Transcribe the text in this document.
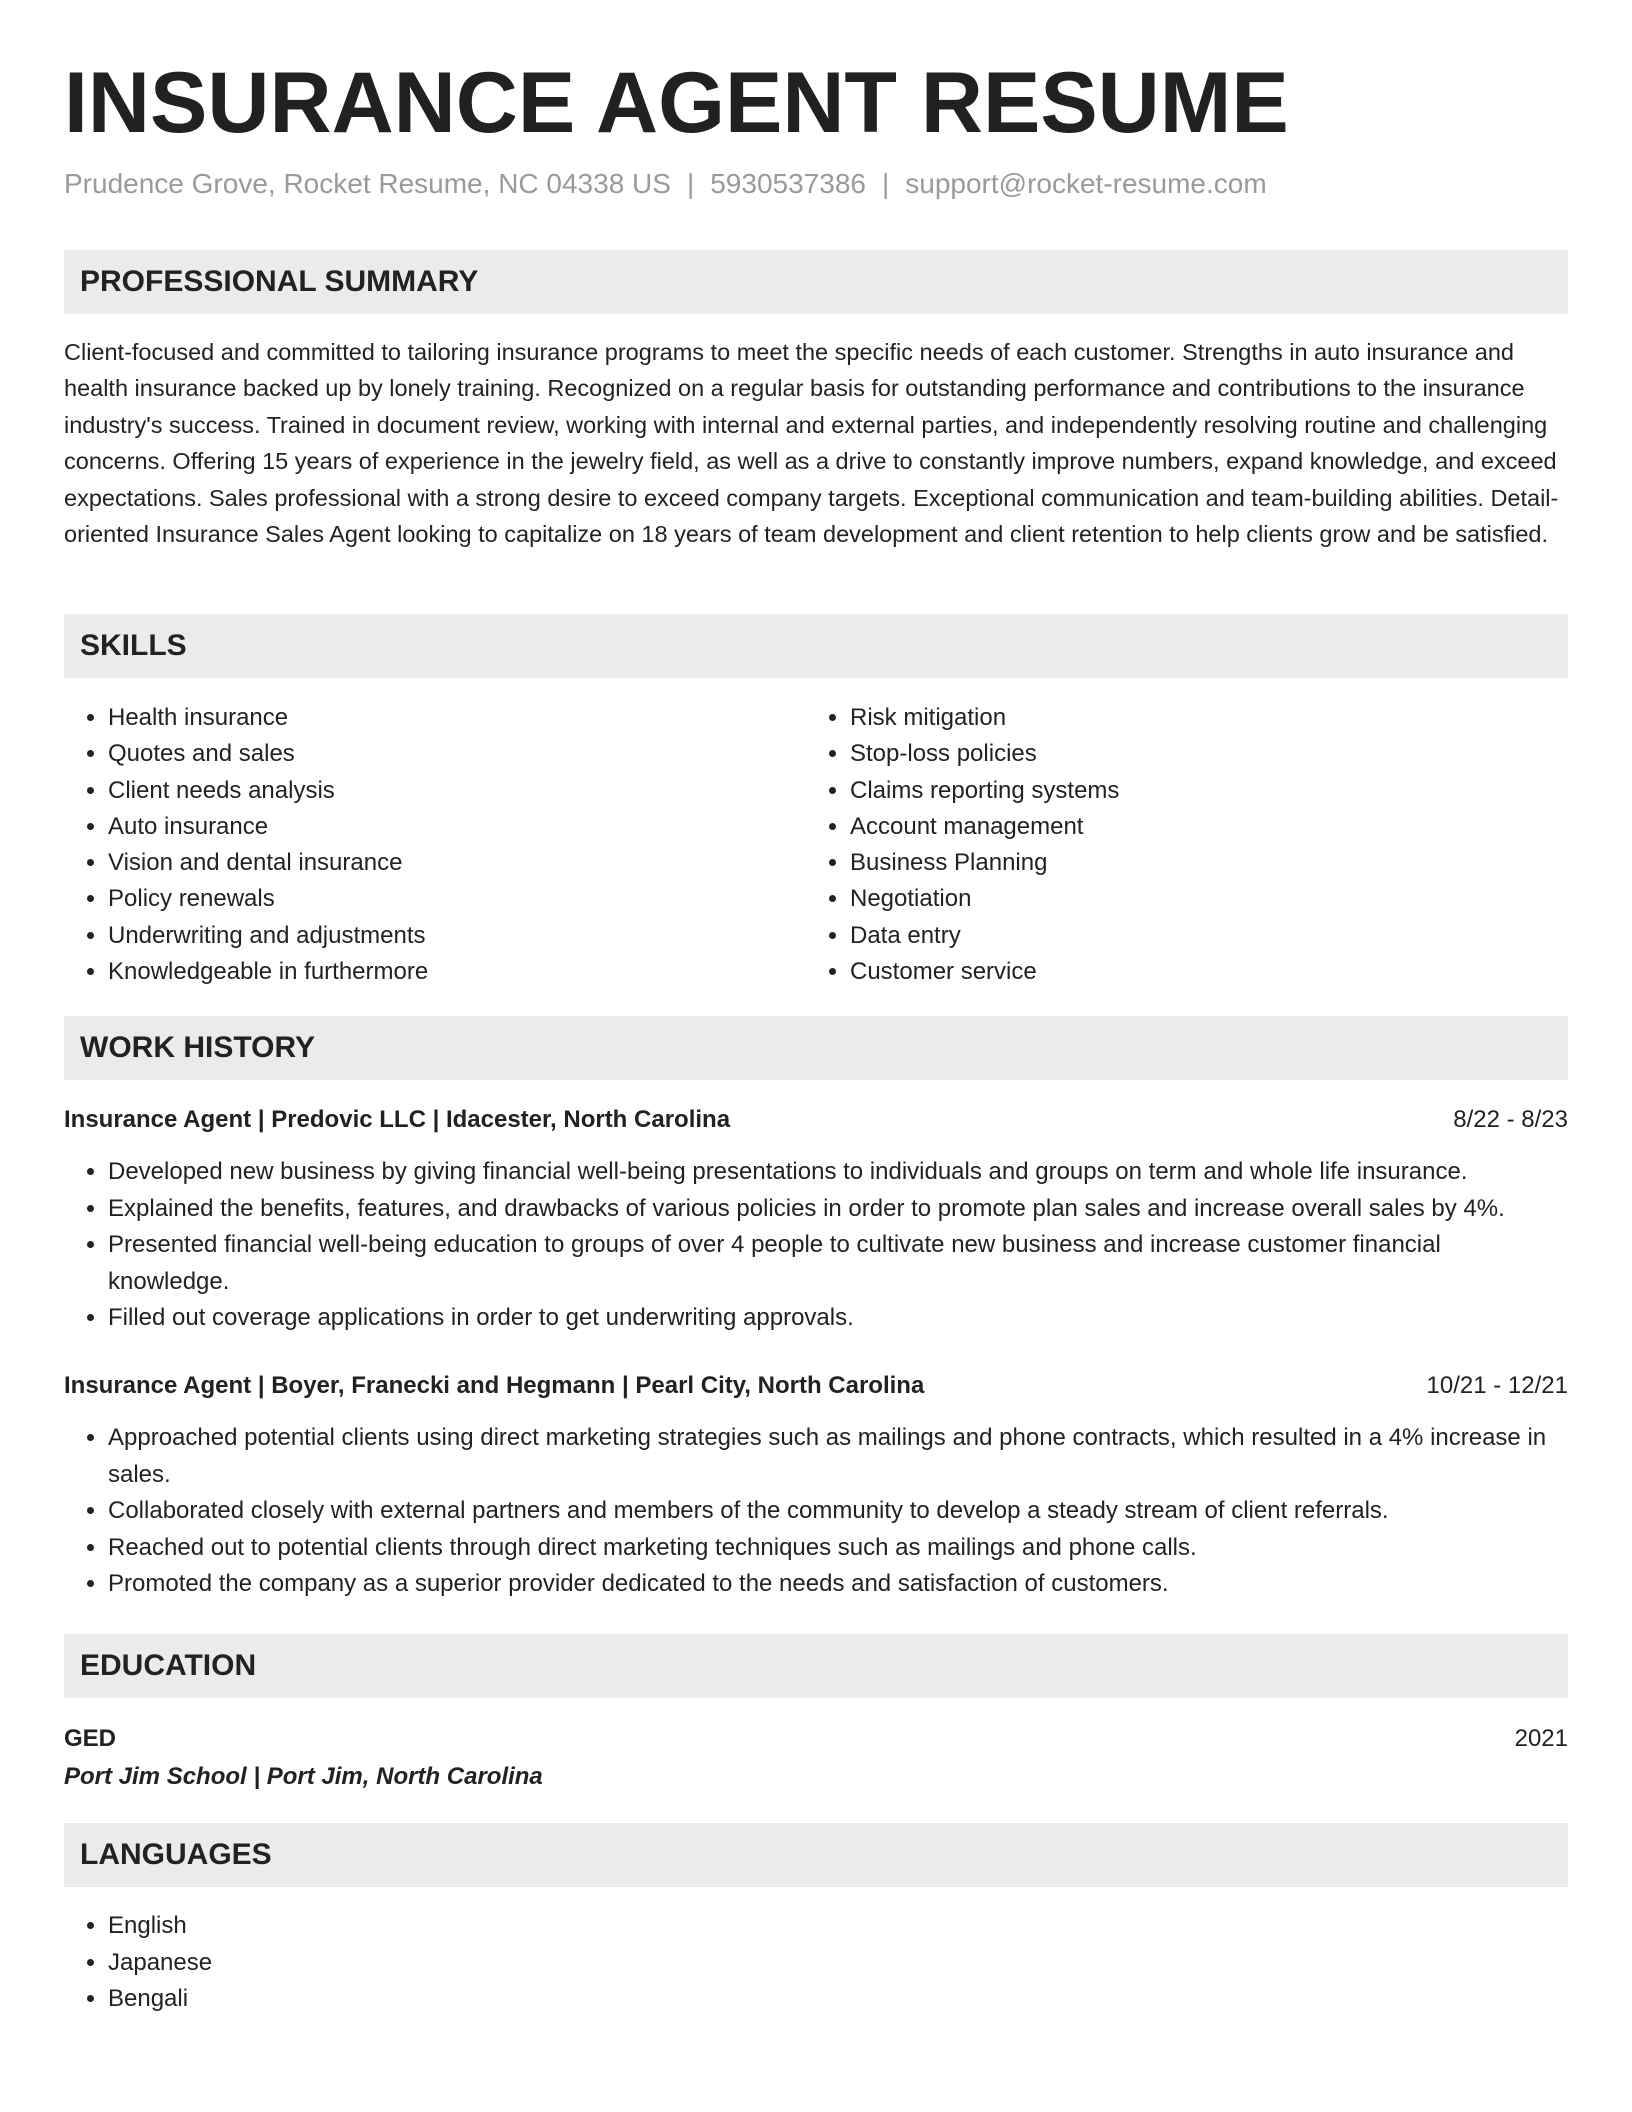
INSURANCE AGENT RESUME
Prudence Grove, Rocket Resume, NC 04338 US | 5930537386 | support@rocket-resume.com
PROFESSIONAL SUMMARY

Client-focused and committed to tailoring insurance programs to meet the specific needs of each customer. Strengths in auto insurance and health insurance backed up by lonely training. Recognized on a regular basis for outstanding performance and contributions to the insurance industry's success. Trained in document review, working with internal and external parties, and independently resolving routine and challenging concerns. Offering 15 years of experience in the jewelry field, as well as a drive to constantly improve numbers, expand knowledge, and exceed expectations. Sales professional with a strong desire to exceed company targets. Exceptional communication and team-building abilities. Detail-oriented Insurance Sales Agent looking to capitalize on 18 years of team development and client retention to help clients grow and be satisfied.

SKILLS
• Health insurance
• Quotes and sales
• Client needs analysis
• Auto insurance
• Vision and dental insurance
• Policy renewals
• Underwriting and adjustments
• Knowledgeable in furthermore
• Risk mitigation
• Stop-loss policies
• Claims reporting systems
• Account management
• Business Planning
• Negotiation
• Data entry
• Customer service
WORK HISTORY
Insurance Agent | Predovic LLC | Idacester, North Carolina	8/22 - 8/23
• Developed new business by giving financial well-being presentations to individuals and groups on term and whole life insurance.
• Explained the benefits, features, and drawbacks of various policies in order to promote plan sales and increase overall sales by 4%.
• Presented financial well-being education to groups of over 4 people to cultivate new business and increase customer financial knowledge.
• Filled out coverage applications in order to get underwriting approvals.
Insurance Agent | Boyer, Franecki and Hegmann | Pearl City, North Carolina	10/21 - 12/21
• Approached potential clients using direct marketing strategies such as mailings and phone contracts, which resulted in a 4% increase in sales.
• Collaborated closely with external partners and members of the community to develop a steady stream of client referrals.
• Reached out to potential clients through direct marketing techniques such as mailings and phone calls.
• Promoted the company as a superior provider dedicated to the needs and satisfaction of customers.
EDUCATION
GED	2021
Port Jim School | Port Jim, North Carolina
LANGUAGES
• English
• Japanese
• Bengali
